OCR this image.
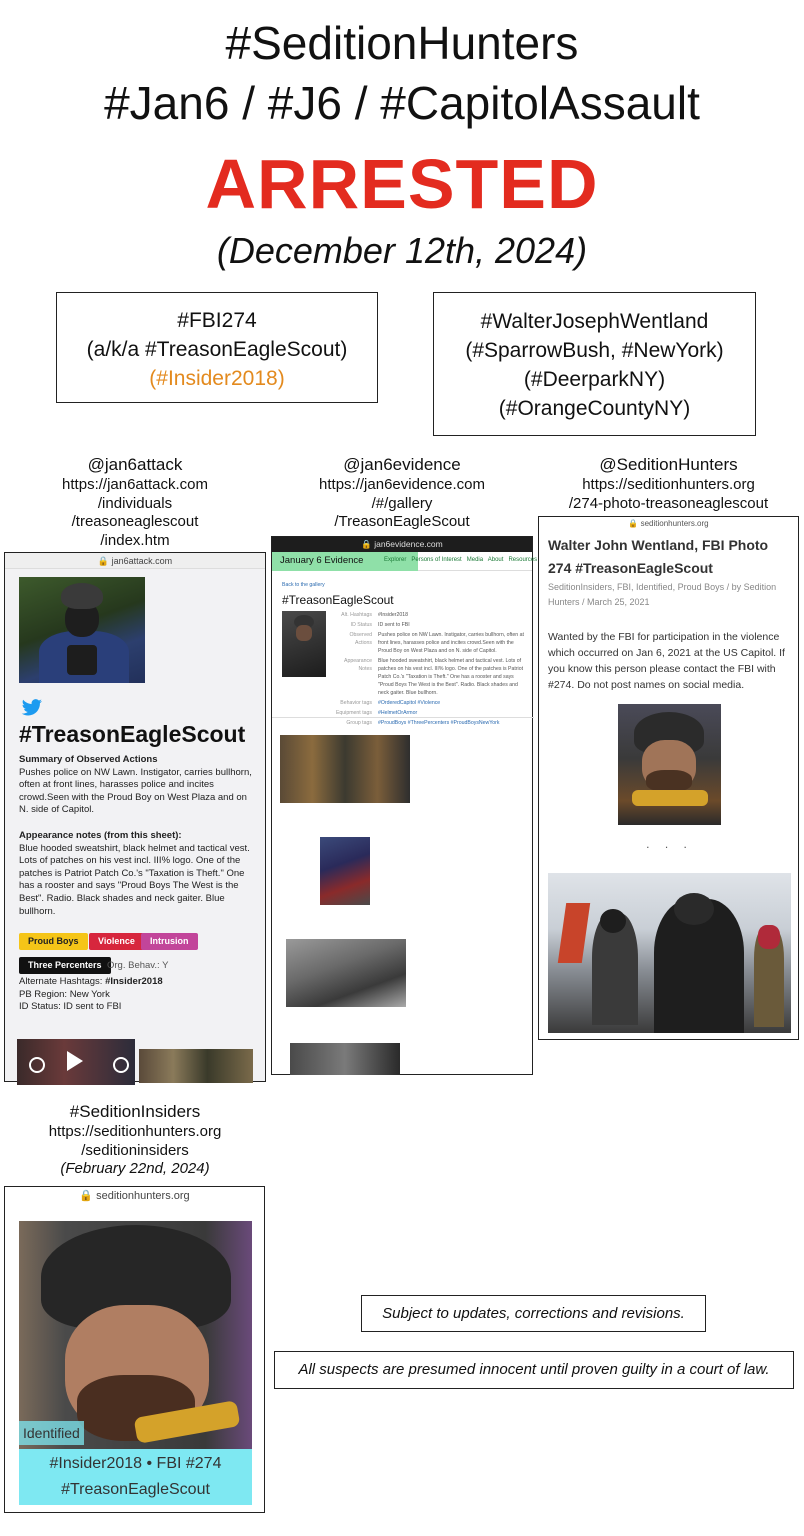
#SeditionHunters
#Jan6 / #J6 / #CapitolAssault
ARRESTED
(December 12th, 2024)
#FBI274
(a/k/a #TreasonEagleScout)
(#Insider2018)
#WalterJosephWentland
(#SparrowBush, #NewYork)
(#DeerparkNY)
(#OrangeCountyNY)
@jan6attack
https://jan6attack.com
/individuals
/treasoneaglescout
/index.htm
@jan6evidence
https://jan6evidence.com
/#/gallery
/TreasonEagleScout
@SeditionHunters
https://seditionhunters.org
/274-photo-treasoneaglescout
#SeditionInsiders
https://seditionhunters.org
/seditioninsiders
(February 22nd, 2024)
🔒 jan6attack.com
#TreasonEagleScout
Summary of Observed Actions
Pushes police on NW Lawn. Instigator, carries bullhorn, often at front lines, harasses police and incites crowd.Seen with the Proud Boy on West Plaza and on N. side of Capitol.
Appearance notes (from this sheet):
Blue hooded sweatshirt, black helmet and tactical vest. Lots of patches on his vest incl. III% logo. One of the patches is Patriot Patch Co.'s "Taxation is Theft." One has a rooster and says "Proud Boys The West is the Best". Radio. Black shades and neck gaiter. Blue bullhorn.
Proud Boys	Violence	Intrusion
Three Percenters Org. Behav.: Y
Alternate Hashtags: #Insider2018
PB Region: New York
ID Status: ID sent to FBI
🔒 jan6evidence.com
January 6 Evidence	Explorer Persons of Interest Media About Resources
Back to the gallery
#TreasonEagleScout
Alt. Hashtags	#Insider2018
ID Status	ID sent to FBI
Observed Actions
Pushes police on NW Lawn. Instigator, carries bullhorn, often at front lines, harasses police and incites crowd.Seen with the Proud Boy on West Plaza and on N. side of Capitol.
Appearance Notes
Blue hooded sweatshirt, black helmet and tactical vest. Lots of patches on his vest incl. III% logo. One of the patches is Patriot Patch Co.'s "Taxation is Theft." One has a rooster and says "Proud Boys The West is the Best". Radio. Black shades and neck gaiter. Blue bullhorn.
Behavior tags	#OrderedCapitol #Violence
Equipment tags	#HelmetOrArmor
Group tags	#ProudBoys #ThreePercenters #ProudBoysNewYork
🔒 seditionhunters.org
Walter John Wentland, FBI Photo 274 #TreasonEagleScout
SeditionInsiders, FBI, Identified, Proud Boys / by Sedition Hunters / March 25, 2021
Wanted by the FBI for participation in the violence which occurred on Jan 6, 2021 at the US Capitol. If you know this person please contact the FBI with #274. Do not post names on social media.
. . .
🔒 seditionhunters.org
Identified
#Insider2018 • FBI #274
#TreasonEagleScout
Subject to updates, corrections and revisions.
All suspects are presumed innocent until proven guilty in a court of law.
